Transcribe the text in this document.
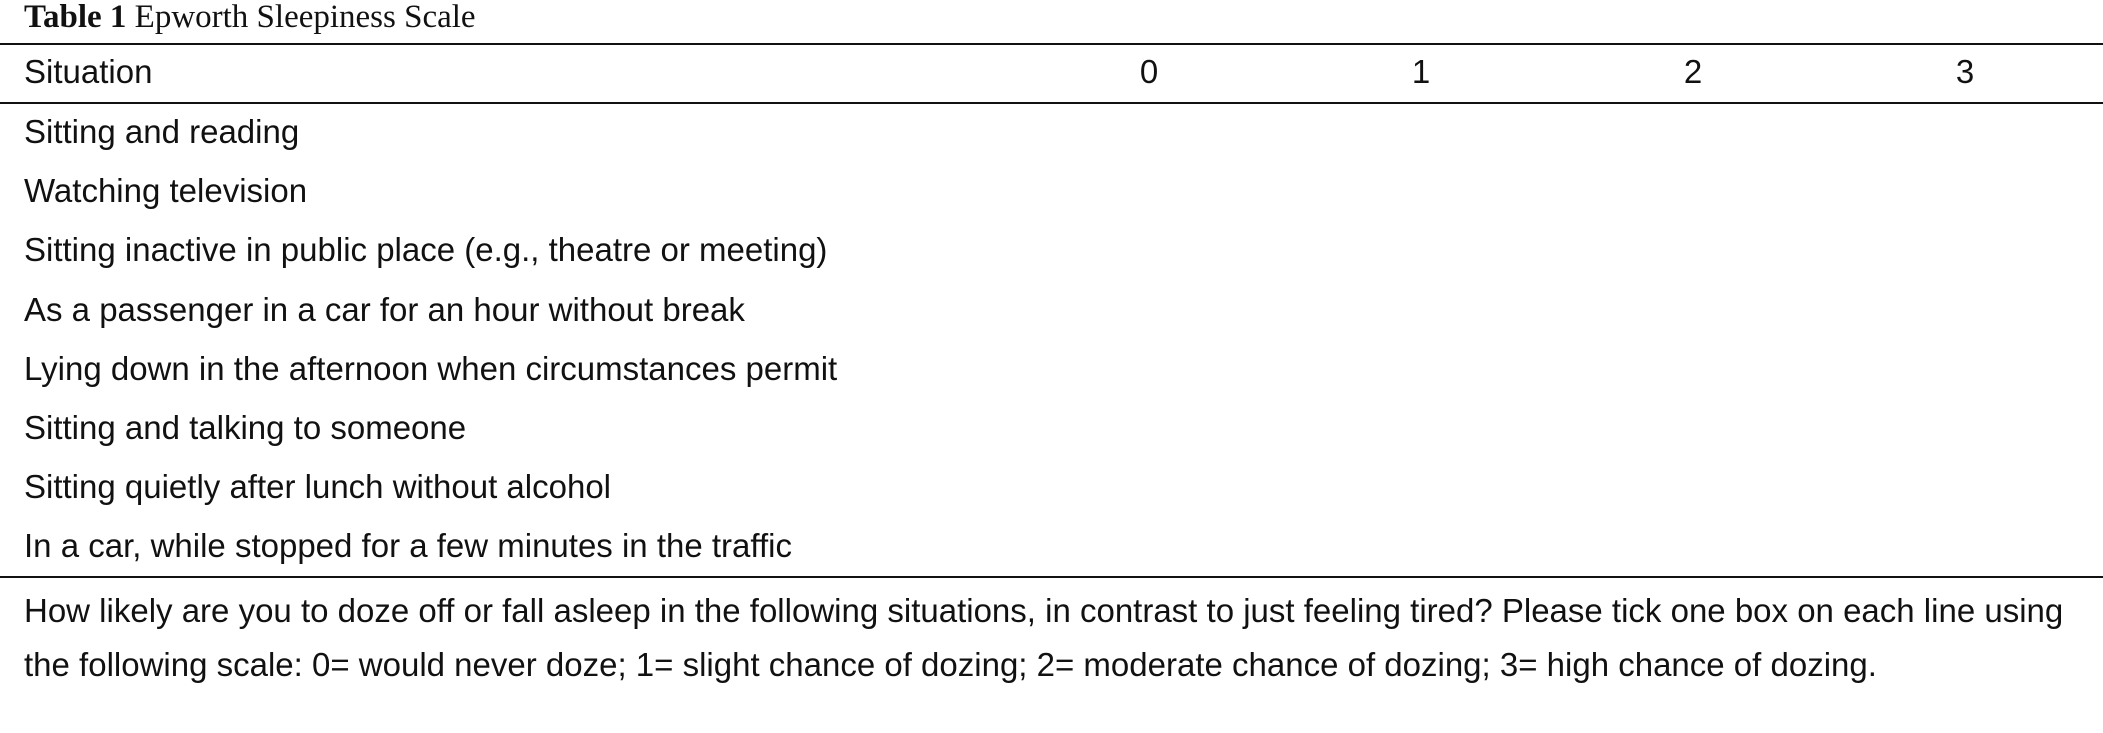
Table 1 Epworth Sleepiness Scale
Situation	0	1	2	3
Sitting and reading
Watching television
Sitting inactive in public place (e.g., theatre or meeting)
As a passenger in a car for an hour without break
Lying down in the afternoon when circumstances permit
Sitting and talking to someone
Sitting quietly after lunch without alcohol
In a car, while stopped for a few minutes in the traffic

How likely are you to doze off or fall asleep in the following situations, in contrast to just feeling tired? Please tick one box on each line using the following scale: 0= would never doze; 1= slight chance of dozing; 2= moderate chance of dozing; 3= high chance of dozing.
